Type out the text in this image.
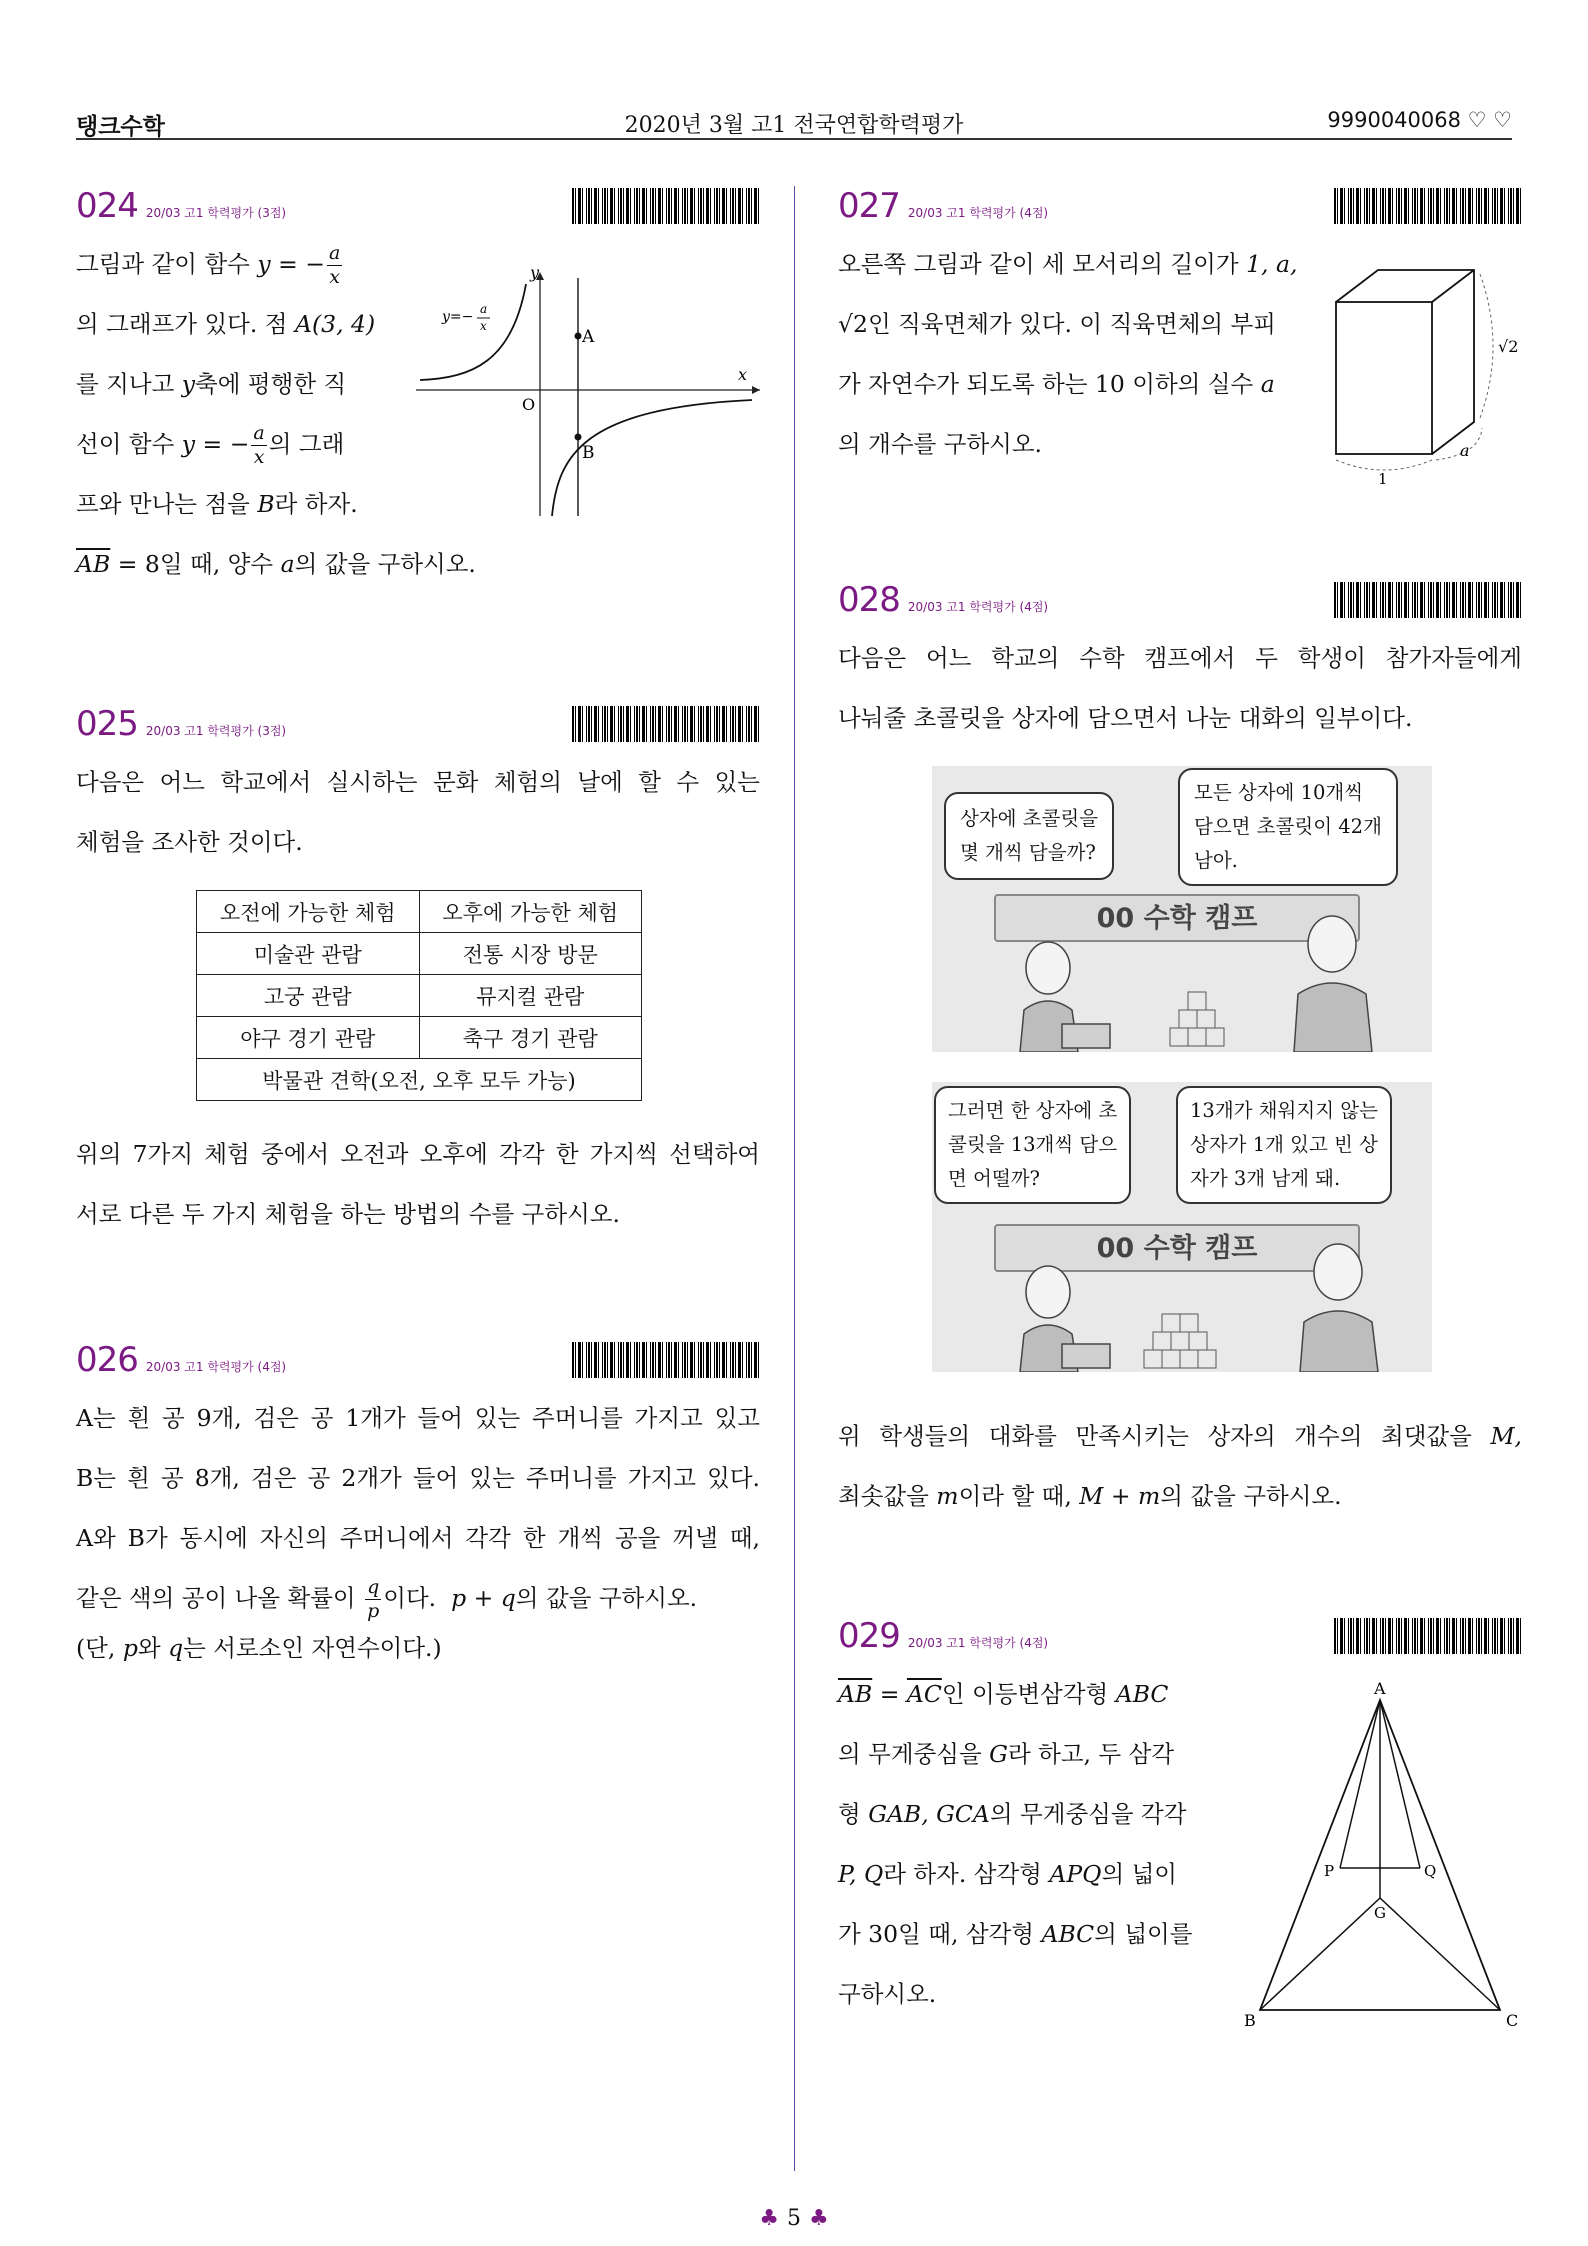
탱크수학	2020년 3월 고1 전국연합학력평가	9990040068 ♡ ♡
024 20/03 고1 학력평가 (3점)
그림과 같이 함수 y = − $\frac{a}{x}$
의 그래프가 있다. 점 A(3, 4)
를 지나고 y축에 평행한 직
선이 함수 y = − $\frac{a}{x}$ 의 그래
프와 만나는 점을 B라 하자.
$\overline{AB} = 8$일 때, 양수 a의 값을 구하시오.
y
x
O
A
B
y=− a
x
025 20/03 고1 학력평가 (3점)
다음은 어느 학교에서 실시하는 문화 체험의 날에 할 수 있는
체험을 조사한 것이다.
오전에 가능한 체험	오후에 가능한 체험
미술관 관람	전통 시장 방문
고궁 관람	뮤지컬 관람
야구 경기 관람	축구 경기 관람
박물관 견학(오전, 오후 모두 가능)	
위의 7가지 체험 중에서 오전과 오후에 각각 한 가지씩 선택하여
서로 다른 두 가지 체험을 하는 방법의 수를 구하시오.
026 20/03 고1 학력평가 (4점)
A는 흰 공 9개, 검은 공 1개가 들어 있는 주머니를 가지고 있고
B는 흰 공 8개, 검은 공 2개가 들어 있는 주머니를 가지고 있다.
A와 B가 동시에 자신의 주머니에서 각각 한 개씩 공을 꺼낼 때,
같은 색의 공이 나올 확률이 $\frac{q}{p}$ 이다. p + q의 값을 구하시오.
(단, p와 q는 서로소인 자연수이다.)
027 20/03 고1 학력평가 (4점)
오른쪽 그림과 같이 세 모서리의 길이가 1, a,
√2인 직육면체가 있다. 이 직육면체의 부피
가 자연수가 되도록 하는 10 이하의 실수 a
의 개수를 구하시오.
√2
a
1
028 20/03 고1 학력평가 (4점)
다음은 어느 학교의 수학 캠프에서 두 학생이 참가자들에게
나눠줄 초콜릿을 상자에 담으면서 나눈 대화의 일부이다.
00 수학 캠프
상자에 초콜릿을
몇 개씩 담을까?
모든 상자에 10개씩
담으면 초콜릿이 42개
남아.
00 수학 캠프
그러면 한 상자에 초
콜릿을 13개씩 담으
면 어떨까?
13개가 채워지지 않는
상자가 1개 있고 빈 상
자가 3개 남게 돼.
위 학생들의 대화를 만족시키는 상자의 개수의 최댓값을 M,
최솟값을 m이라 할 때, M + m의 값을 구하시오.
029 20/03 고1 학력평가 (4점)
$\overline{AB} = \overline{AC}$인 이등변삼각형 ABC
의 무게중심을 G라 하고, 두 삼각
형 GAB, GCA의 무게중심을 각각
P, Q라 하자. 삼각형 APQ의 넓이
가 30일 때, 삼각형 ABC의 넓이를
구하시오.
A
B	C
G
P	Q
♣ 5 ♣
